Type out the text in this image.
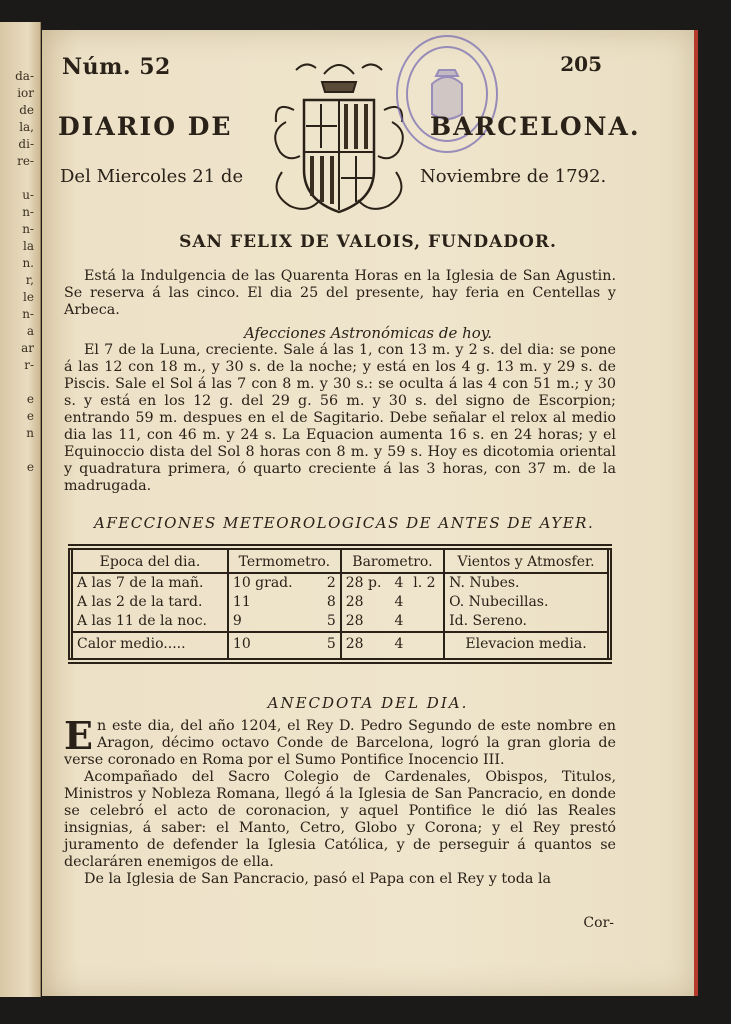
da-
ior
de
la,
di-
re-

u-
n-
n-
la
n.
r,
le
n-
a
ar
r-

e
e
n

e
Núm. 52	205
DIARIO DE	BARCELONA.
Del Miercoles 21 de	Noviembre de 1792.
SAN FELIX DE VALOIS, FUNDADOR.
Está la Indulgencia de las Quarenta Horas en la Iglesia de San Agustin. Se reserva á las cinco. El dia 25 del presente, hay feria en Centellas y Arbeca.
Afecciones Astronómicas de hoy.
El 7 de la Luna, creciente. Sale á las 1, con 13 m. y 2 s. del dia: se pone á las 12 con 18 m., y 30 s. de la noche; y está en los 4 g. 13 m. y 29 s. de Piscis. Sale el Sol á las 7 con 8 m. y 30 s.: se oculta á las 4 con 51 m.; y 30 s. y está en los 12 g. del 29 g. 56 m. y 30 s. del signo de Escorpion; entrando 59 m. despues en el de Sagitario. Debe señalar el relox al medio dia las 11, con 46 m. y 24 s. La Equacion aumenta 16 s. en 24 horas; y el Equinoccio dista del Sol 8 horas con 8 m. y 59 s. Hoy es dicotomia oriental y quadratura primera, ó quarto creciente á las 3 horas, con 37 m. de la madrugada.
AFECCIONES METEOROLOGICAS DE ANTES DE AYER.
Epoca del dia.	Termometro.		Barometro.			Vientos y Atmosfer.
A las 7 de la mañ.	10 grad.	2	28 p.	4	l. 2	N. Nubes.
A las 2 de la tard.	11	8	28	4		O. Nubecillas.
A las 11 de la noc.	9	5	28	4		Id. Sereno.
Calor medio.....	10	5	28	4		Elevacion media.
ANECDOTA DEL DIA.

En este dia, del año 1204, el Rey D. Pedro Segundo de este nombre en Aragon, décimo octavo Conde de Barcelona, logró la gran gloria de verse coronado en Roma por el Sumo Pontifice Inocencio III.

Acompañado del Sacro Colegio de Cardenales, Obispos, Titulos, Ministros y Nobleza Romana, llegó á la Iglesia de San Pancracio, en donde se celebró el acto de coronacion, y aquel Pontifice le dió las Reales insignias, á saber: el Manto, Cetro, Globo y Corona; y el Rey prestó juramento de defender la Iglesia Católica, y de perseguir á quantos se declaráren enemigos de ella.

De la Iglesia de San Pancracio, pasó el Papa con el Rey y toda la

Cor-
